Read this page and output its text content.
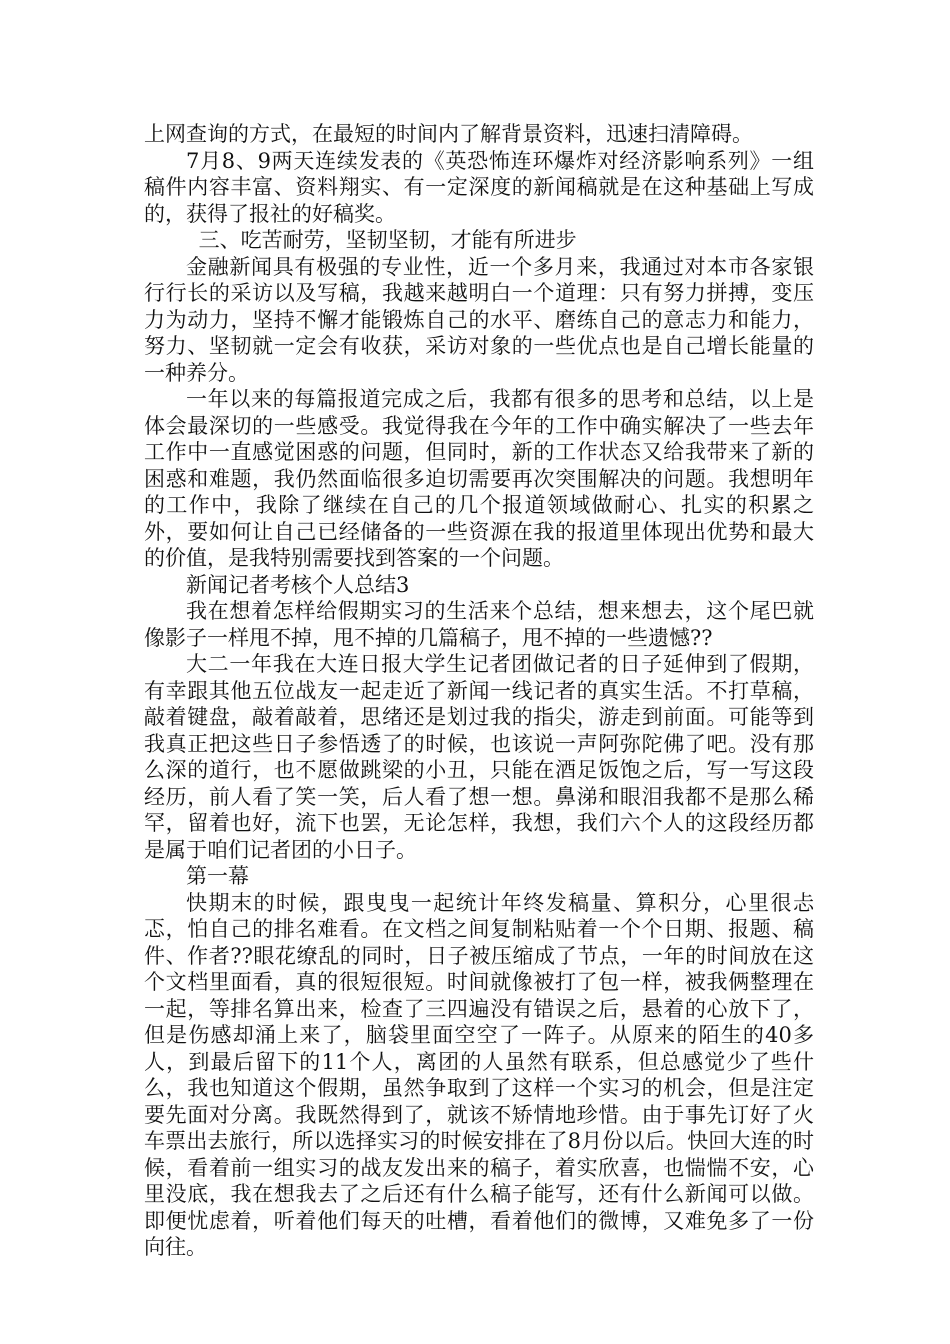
上网查询的方式，在最短的时间内了解背景资料，迅速扫清障碍。

7月8、9两天连续发表的《英恐怖连环爆炸对经济影响系列》一组稿件内容丰富、资料翔实、有一定深度的新闻稿就是在这种基础上写成的，获得了报社的好稿奖。

三、吃苦耐劳，坚韧坚韧，才能有所进步

金融新闻具有极强的专业性，近一个多月来，我通过对本市各家银行行长的采访以及写稿，我越来越明白一个道理：只有努力拼搏，变压力为动力，坚持不懈才能锻炼自己的水平、磨练自己的意志力和能力，努力、坚韧就一定会有收获，采访对象的一些优点也是自己增长能量的一种养分。

一年以来的每篇报道完成之后，我都有很多的思考和总结，以上是体会最深切的一些感受。我觉得我在今年的工作中确实解决了一些去年工作中一直感觉困惑的问题，但同时，新的工作状态又给我带来了新的困惑和难题，我仍然面临很多迫切需要再次突围解决的问题。我想明年的工作中，我除了继续在自己的几个报道领域做耐心、扎实的积累之外，要如何让自己已经储备的一些资源在我的报道里体现出优势和最大的价值，是我特别需要找到答案的一个问题。

新闻记者考核个人总结3

我在想着怎样给假期实习的生活来个总结，想来想去，这个尾巴就像影子一样甩不掉，甩不掉的几篇稿子，甩不掉的一些遗憾??

大二一年我在大连日报大学生记者团做记者的日子延伸到了假期，有幸跟其他五位战友一起走近了新闻一线记者的真实生活。不打草稿，敲着键盘，敲着敲着，思绪还是划过我的指尖，游走到前面。可能等到我真正把这些日子参悟透了的时候，也该说一声阿弥陀佛了吧。没有那么深的道行，也不愿做跳梁的小丑，只能在酒足饭饱之后，写一写这段经历，前人看了笑一笑，后人看了想一想。鼻涕和眼泪我都不是那么稀罕，留着也好，流下也罢，无论怎样，我想，我们六个人的这段经历都是属于咱们记者团的小日子。

第一幕

快期末的时候，跟曳曳一起统计年终发稿量、算积分，心里很忐忑，怕自己的排名难看。在文档之间复制粘贴着一个个日期、报题、稿件、作者??眼花缭乱的同时，日子被压缩成了节点，一年的时间放在这个文档里面看，真的很短很短。时间就像被打了包一样，被我俩整理在一起，等排名算出来，检查了三四遍没有错误之后，悬着的心放下了，但是伤感却涌上来了，脑袋里面空空了一阵子。从原来的陌生的40多人，到最后留下的11个人，离团的人虽然有联系，但总感觉少了些什么，我也知道这个假期，虽然争取到了这样一个实习的机会，但是注定要先面对分离。我既然得到了，就该不矫情地珍惜。由于事先订好了火车票出去旅行，所以选择实习的时候安排在了8月份以后。快回大连的时候，看着前一组实习的战友发出来的稿子，着实欣喜，也惴惴不安，心里没底，我在想我去了之后还有什么稿子能写，还有什么新闻可以做。即便忧虑着，听着他们每天的吐槽，看着他们的微博，又难免多了一份向往。
